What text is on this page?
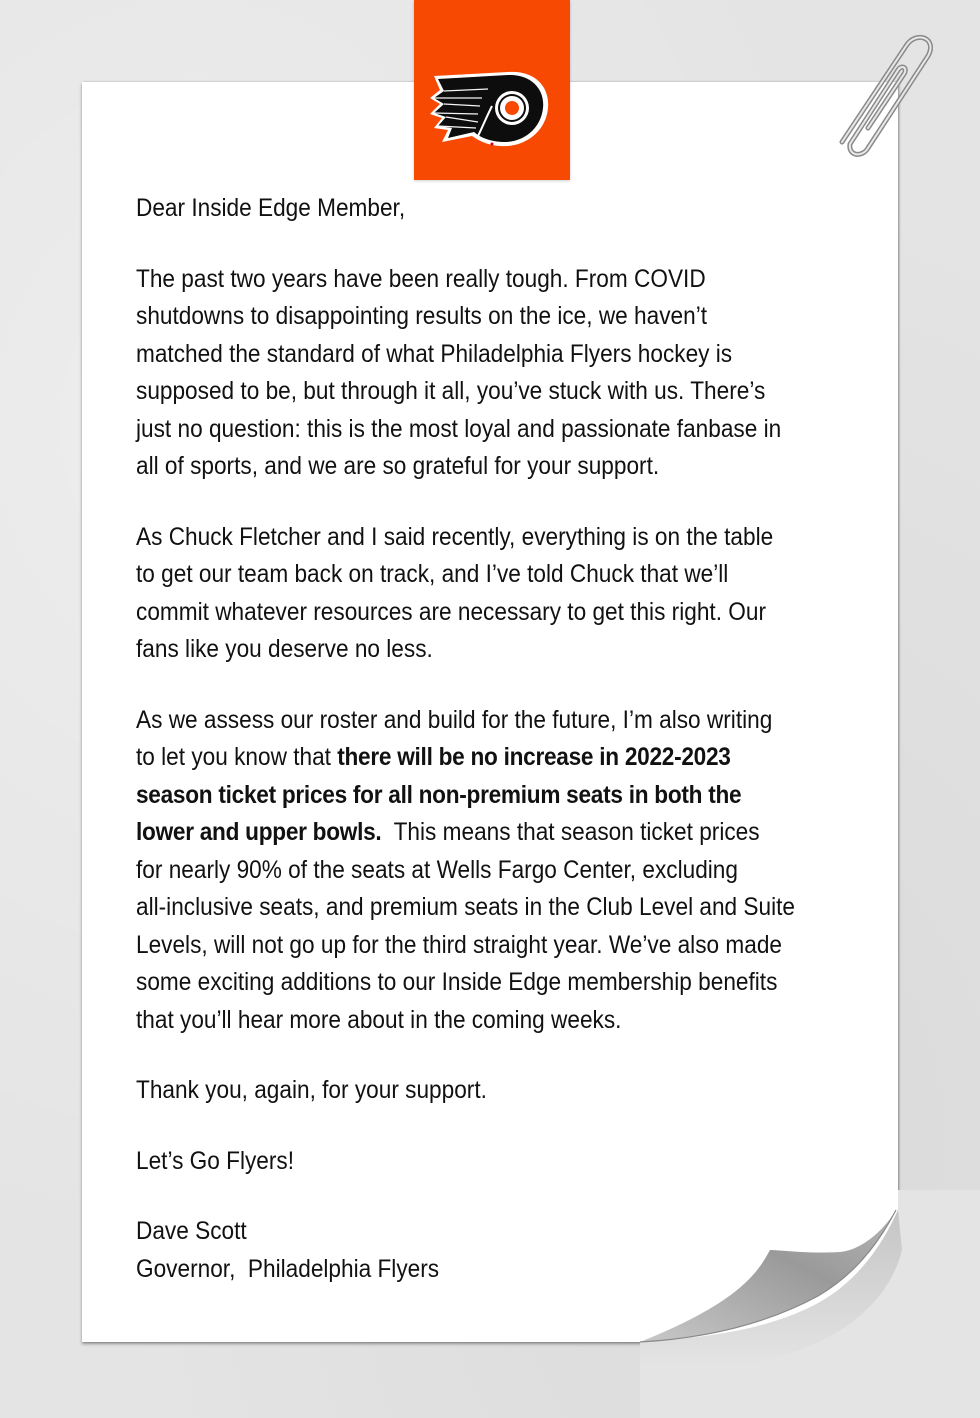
Dear Inside Edge Member,
The past two years have been really tough. From COVID
shutdowns to disappointing results on the ice, we haven’t
matched the standard of what Philadelphia Flyers hockey is
supposed to be, but through it all, you’ve stuck with us. There’s
just no question: this is the most loyal and passionate fanbase in
all of sports, and we are so grateful for your support.
As Chuck Fletcher and I said recently, everything is on the table
to get our team back on track, and I’ve told Chuck that we’ll
commit whatever resources are necessary to get this right. Our
fans like you deserve no less.
As we assess our roster and build for the future, I’m also writing
to let you know that there will be no increase in 2022-2023
season ticket prices for all non-premium seats in both the
lower and upper bowls.  This means that season ticket prices
for nearly 90% of the seats at Wells Fargo Center, excluding
all-inclusive seats, and premium seats in the Club Level and Suite
Levels, will not go up for the third straight year. We’ve also made
some exciting additions to our Inside Edge membership benefits
that you’ll hear more about in the coming weeks.
Thank you, again, for your support.
Let’s Go Flyers!
Dave Scott
Governor,  Philadelphia Flyers
